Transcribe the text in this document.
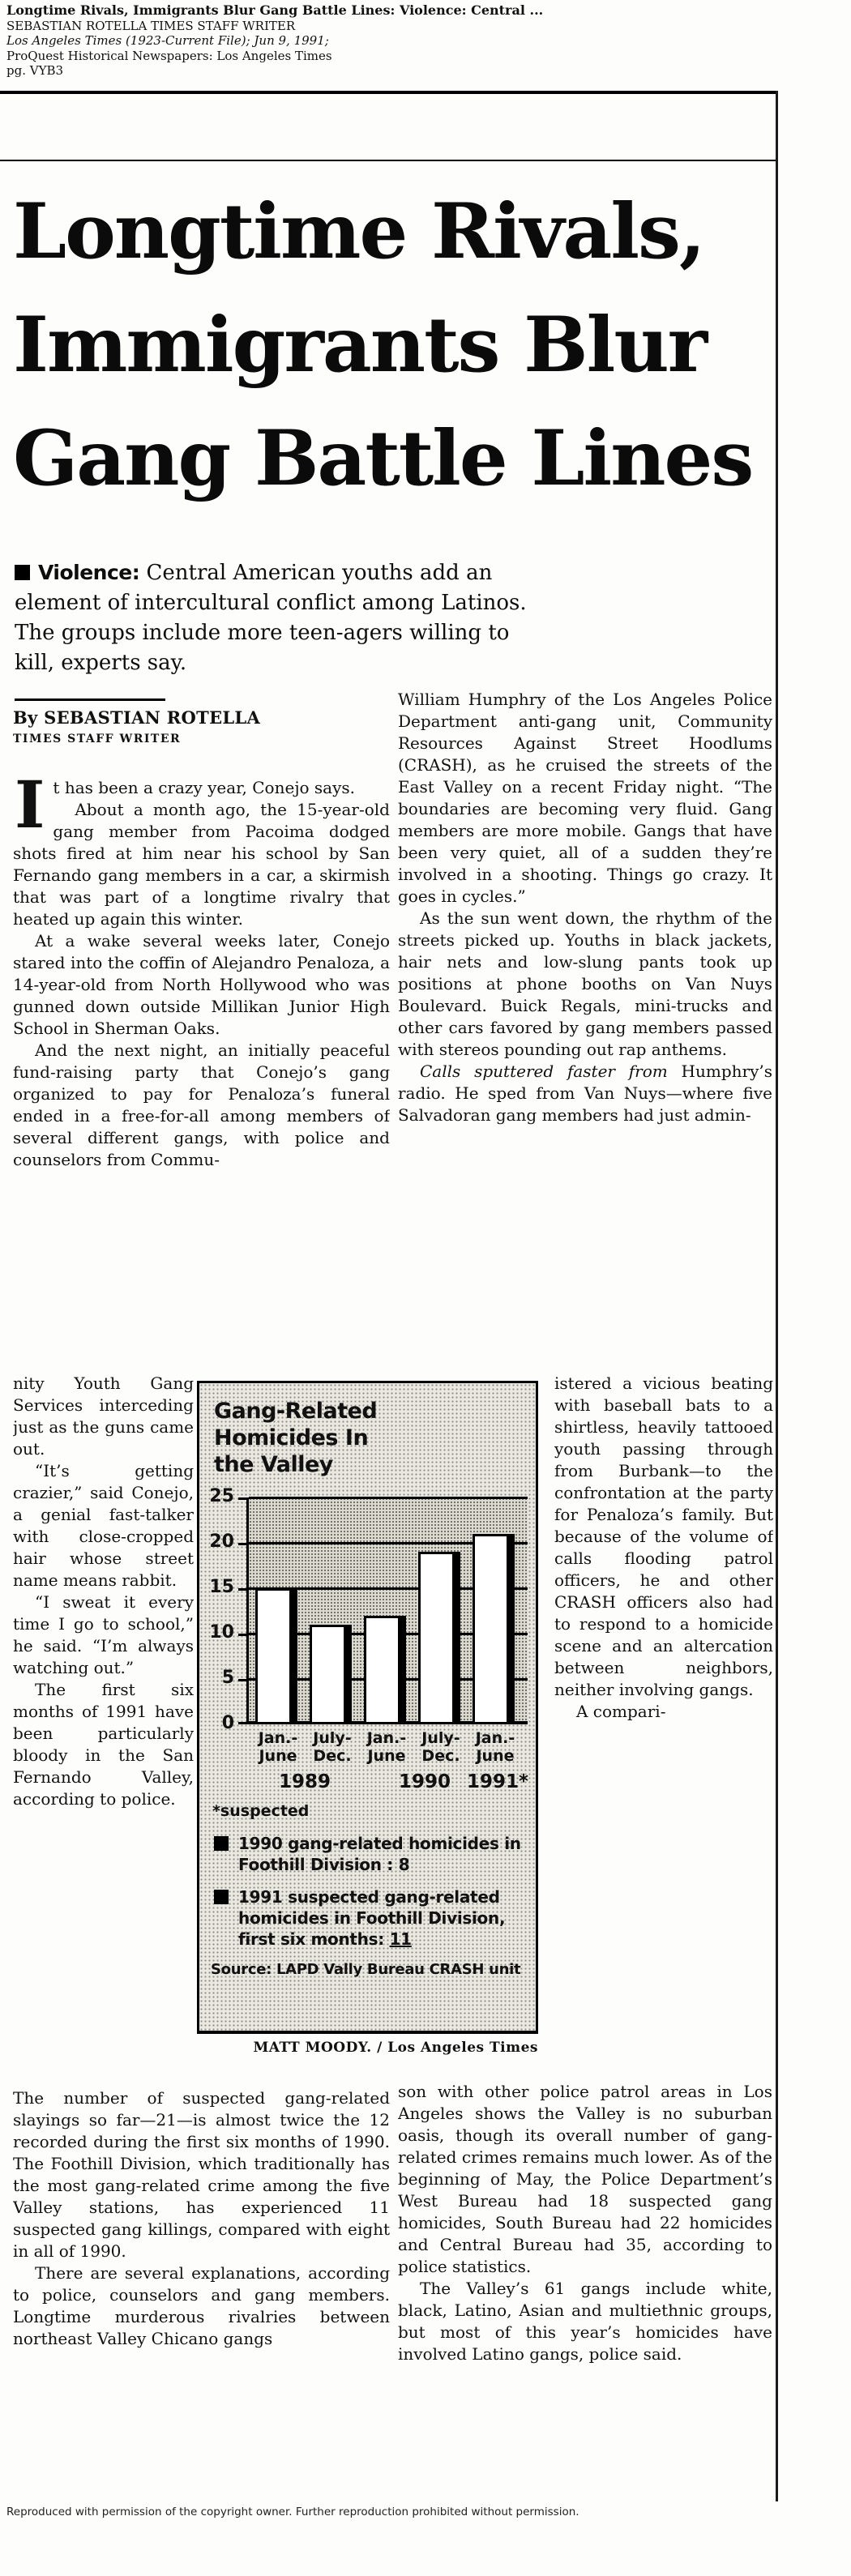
Longtime Rivals, Immigrants Blur Gang Battle Lines: Violence: Central ...
SEBASTIAN ROTELLA TIMES STAFF WRITER
Los Angeles Times (1923-Current File); Jun 9, 1991;
ProQuest Historical Newspapers: Los Angeles Times
pg. VYB3
Longtime Rivals,
Immigrants Blur
Gang Battle Lines
Violence: Central American youths add an element of intercultural conflict among Latinos. The groups include more teen-agers willing to kill, experts say.
By SEBASTIAN ROTELLA
TIMES STAFF WRITER

It has been a crazy year, Conejo says.

About a month ago, the 15-year-old gang member from Pacoima dodged shots fired at him near his school by San Fernando gang members in a car, a skirmish that was part of a longtime rivalry that heated up again this winter.

At a wake several weeks later, Conejo stared into the coffin of Alejandro Penaloza, a 14-year-old from North Hollywood who was gunned down outside Millikan Junior High School in Sherman Oaks.

And the next night, an initially peaceful fund-raising party that Conejo’s gang organized to pay for Penaloza’s funeral ended in a free-for-all among members of several different gangs, with police and counselors from Commu-

William Humphry of the Los Angeles Police Department anti-gang unit, Community Resources Against Street Hoodlums (CRASH), as he cruised the streets of the East Valley on a recent Friday night. “The boundaries are becoming very fluid. Gang members are more mobile. Gangs that have been very quiet, all of a sudden they’re involved in a shooting. Things go crazy. It goes in cycles.”

As the sun went down, the rhythm of the streets picked up. Youths in black jackets, hair nets and low-slung pants took up positions at phone booths on Van Nuys Boulevard. Buick Regals, mini-trucks and other cars favored by gang members passed with stereos pounding out rap anthems.

Calls sputtered faster from Humphry’s radio. He sped from Van Nuys—where five Salvadoran gang members had just admin-

nity Youth Gang Services interceding just as the guns came out.

“It’s getting crazier,” said Conejo, a genial fast-talker with close-cropped hair whose street name means rabbit.

“I sweat it every time I go to school,” he said. “I’m always watching out.”

The first six months of 1991 have been particularly bloody in the San Fernando Valley, according to police.

istered a vicious beating with baseball bats to a shirtless, heavily tattooed youth passing through from Burbank—to the confrontation at the party for Penaloza’s family. But because of the volume of calls flooding patrol officers, he and other CRASH officers also had to respond to a homicide scene and an altercation between neighbors, neither involving gangs.

A compari-

Gang-Related
Homicides In
the Valley
25
20
15
10
5
0
Jan.-
June
July-
Dec.
Jan.-
June
July-
Dec.
Jan.-
June
1989	1990 1991*
*suspected
1990 gang-related homicides in Foothill Division : 8
1991 suspected gang-related homicides in Foothill Division, first six months: 11
Source: LAPD Vally Bureau CRASH unit
MATT MOODY. / Los Angeles Times

The number of suspected gang-related slayings so far—21—is almost twice the 12 recorded during the first six months of 1990. The Foothill Division, which traditionally has the most gang-related crime among the five Valley stations, has experienced 11 suspected gang killings, compared with eight in all of 1990.

There are several explanations, according to police, counselors and gang members. Longtime murderous rivalries between northeast Valley Chicano gangs

son with other police patrol areas in Los Angeles shows the Valley is no suburban oasis, though its overall number of gang-related crimes remains much lower. As of the beginning of May, the Police Department’s West Bureau had 18 suspected gang homicides, South Bureau had 22 homicides and Central Bureau had 35, according to police statistics.

The Valley’s 61 gangs include white, black, Latino, Asian and multiethnic groups, but most of this year’s homicides have involved Latino gangs, police said.

Reproduced with permission of the copyright owner. Further reproduction prohibited without permission.
